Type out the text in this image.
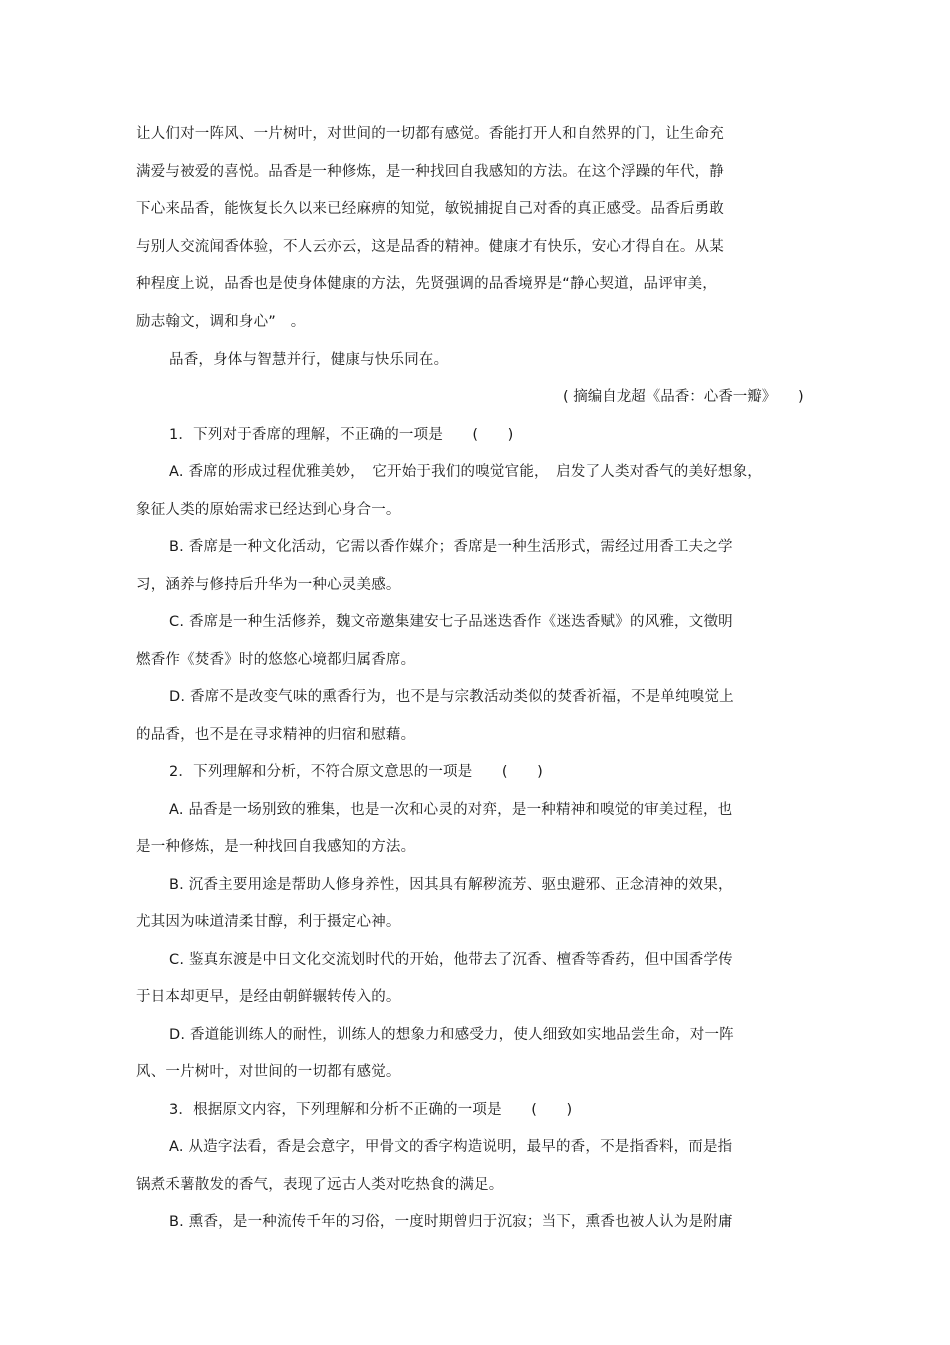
让人们对一阵风、一片树叶，对世间的一切都有感觉。香能打开人和自然界的门，让生命充
满爱与被爱的喜悦。品香是一种修炼，是一种找回自我感知的方法。在这个浮躁的年代，静
下心来品香，能恢复长久以来已经麻痹的知觉，敏锐捕捉自己对香的真正感受。品香后勇敢
与别人交流闻香体验，不人云亦云，这是品香的精神。健康才有快乐，安心才得自在。从某
种程度上说，品香也是使身体健康的方法，先贤强调的品香境界是“静心契道，品评审美，
励志翰文，调和身心”　。
品香，身体与智慧并行，健康与快乐同在。
( 摘编自龙超《品香：心香一瓣》　　)
1．下列对于香席的理解，不正确的一项是　　(　　)
A. 香席的形成过程优雅美妙，　它开始于我们的嗅觉官能，　启发了人类对香气的美好想象，
象征人类的原始需求已经达到心身合一。
B. 香席是一种文化活动，它需以香作媒介；香席是一种生活形式，需经过用香工夫之学
习，涵养与修持后升华为一种心灵美感。
C. 香席是一种生活修养，魏文帝邀集建安七子品迷迭香作《迷迭香赋》的风雅，文徵明
燃香作《焚香》时的悠悠心境都归属香席。
D. 香席不是改变气味的熏香行为，也不是与宗教活动类似的焚香祈福，不是单纯嗅觉上
的品香，也不是在寻求精神的归宿和慰藉。
2．下列理解和分析，不符合原文意思的一项是　　(　　)
A. 品香是一场别致的雅集，也是一次和心灵的对弈，是一种精神和嗅觉的审美过程，也
是一种修炼，是一种找回自我感知的方法。
B. 沉香主要用途是帮助人修身养性，因其具有解秽流芳、驱虫避邪、正念清神的效果，
尤其因为味道清柔甘醇，利于摄定心神。
C. 鉴真东渡是中日文化交流划时代的开始，他带去了沉香、檀香等香药，但中国香学传
于日本却更早，是经由朝鲜辗转传入的。
D. 香道能训练人的耐性，训练人的想象力和感受力，使人细致如实地品尝生命，对一阵
风、一片树叶，对世间的一切都有感觉。
3．根据原文内容，下列理解和分析不正确的一项是　　(　　)
A. 从造字法看，香是会意字，甲骨文的香字构造说明，最早的香，不是指香料，而是指
锅煮禾薯散发的香气，表现了远古人类对吃热食的满足。
B. 熏香，是一种流传千年的习俗，一度时期曾归于沉寂；当下，熏香也被人认为是附庸
